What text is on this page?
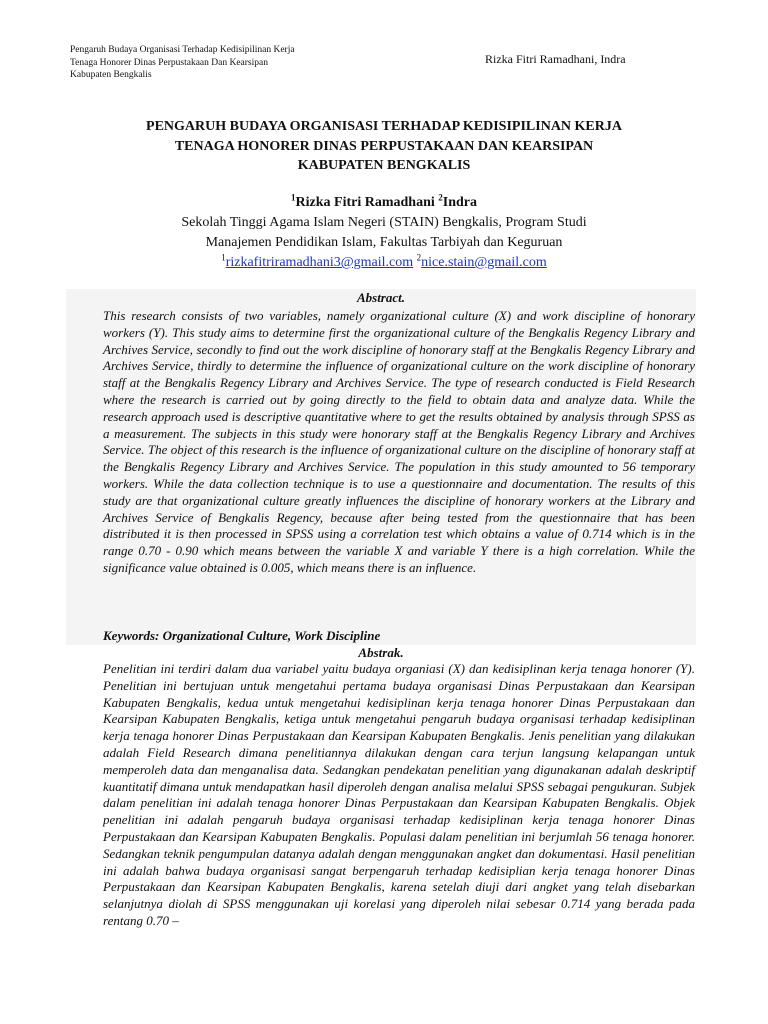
Pengaruh Budaya Organisasi Terhadap Kedisipilinan Kerja
Tenaga Honorer Dinas Perpustakaan Dan Kearsipan
Kabupaten Bengkalis
Rizka Fitri Ramadhani, Indra
PENGARUH BUDAYA ORGANISASI TERHADAP KEDISIPILINAN KERJA
TENAGA HONORER DINAS PERPUSTAKAAN DAN KEARSIPAN
KABUPATEN BENGKALIS
$^1$Rizka Fitri Ramadhani $^2$Indra
Sekolah Tinggi Agama Islam Negeri (STAIN) Bengkalis, Program Studi
Manajemen Pendidikan Islam, Fakultas Tarbiyah dan Keguruan
$^1$rizkafitriramadhani3@gmail.com $^2$nice.stain@gmail.com
Abstract.
This research consists of two variables, namely organizational culture (X) and work discipline of honorary workers (Y). This study aims to determine first the organizational culture of the Bengkalis Regency Library and Archives Service, secondly to find out the work discipline of honorary staff at the Bengkalis Regency Library and Archives Service, thirdly to determine the influence of organizational culture on the work discipline of honorary staff at the Bengkalis Regency Library and Archives Service. The type of research conducted is Field Research where the research is carried out by going directly to the field to obtain data and analyze data. While the research approach used is descriptive quantitative where to get the results obtained by analysis through SPSS as a measurement. The subjects in this study were honorary staff at the Bengkalis Regency Library and Archives Service. The object of this research is the influence of organizational culture on the discipline of honorary staff at the Bengkalis Regency Library and Archives Service. The population in this study amounted to 56 temporary workers. While the data collection technique is to use a questionnaire and documentation. The results of this study are that organizational culture greatly influences the discipline of honorary workers at the Library and Archives Service of Bengkalis Regency, because after being tested from the questionnaire that has been distributed it is then processed in SPSS using a correlation test which obtains a value of 0.714 which is in the range 0.70 - 0.90 which means between the variable X and variable Y there is a high correlation. While the significance value obtained is 0.005, which means there is an influence.
Keywords: Organizational Culture, Work Discipline
Abstrak.
Penelitian ini terdiri dalam dua variabel yaitu budaya organiasi (X) dan kedisiplinan kerja tenaga honorer (Y). Penelitian ini bertujuan untuk mengetahui pertama budaya organisasi Dinas Perpustakaan dan Kearsipan Kabupaten Bengkalis, kedua untuk mengetahui kedisiplinan kerja tenaga honorer Dinas Perpustakaan dan Kearsipan Kabupaten Bengkalis, ketiga untuk mengetahui pengaruh budaya organisasi terhadap kedisiplinan kerja tenaga honorer Dinas Perpustakaan dan Kearsipan Kabupaten Bengkalis. Jenis penelitian yang dilakukan adalah Field Research dimana penelitiannya dilakukan dengan cara terjun langsung kelapangan untuk memperoleh data dan menganalisa data. Sedangkan pendekatan penelitian yang digunakanan adalah deskriptif kuantitatif dimana untuk mendapatkan hasil diperoleh dengan analisa melalui SPSS sebagai pengukuran. Subjek dalam penelitian ini adalah tenaga honorer Dinas Perpustakaan dan Kearsipan Kabupaten Bengkalis. Objek penelitian ini adalah pengaruh budaya organisasi terhadap kedisiplinan kerja tenaga honorer Dinas Perpustakaan dan Kearsipan Kabupaten Bengkalis. Populasi dalam penelitian ini berjumlah 56 tenaga honorer. Sedangkan teknik pengumpulan datanya adalah dengan menggunakan angket dan dokumentasi. Hasil penelitian ini adalah bahwa budaya organisasi sangat berpengaruh terhadap kedisiplian kerja tenaga honorer Dinas Perpustakaan dan Kearsipan Kabupaten Bengkalis, karena setelah diuji dari angket yang telah disebarkan selanjutnya diolah di SPSS menggunakan uji korelasi yang diperoleh nilai sebesar 0.714 yang berada pada rentang 0.70 –
